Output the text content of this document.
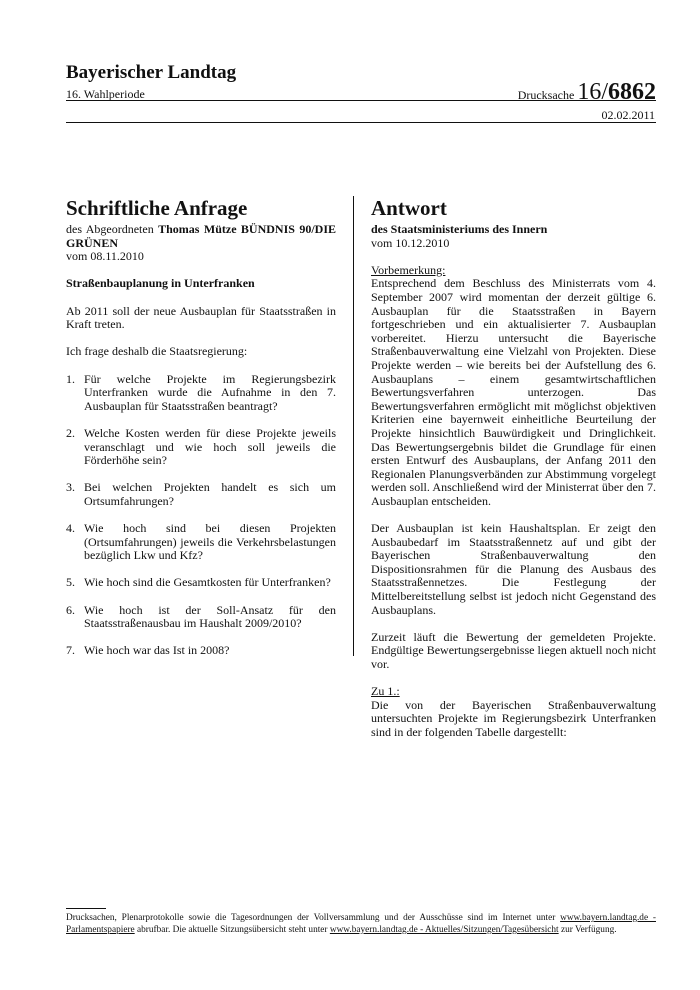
Bayerischer Landtag
16. Wahlperiode	Drucksache 16/6862
02.02.2011
Schriftliche Anfrage
des Abgeordneten Thomas Mütze BÜNDNIS 90/DIE GRÜNEN

vom 08.11.2010

Straßenbauplanung in Unterfranken

Ab 2011 soll der neue Ausbauplan für Staatsstraßen in Kraft treten.

Ich frage deshalb die Staatsregierung:

1. Für welche Projekte im Regierungsbezirk Unterfranken wurde die Aufnahme in den 7. Ausbauplan für Staatsstraßen beantragt?
2. Welche Kosten werden für diese Projekte jeweils veranschlagt und wie hoch soll jeweils die Förderhöhe sein?
3. Bei welchen Projekten handelt es sich um Ortsumfahrungen?
4. Wie hoch sind bei diesen Projekten (Ortsumfahrungen) jeweils die Verkehrsbelastungen bezüglich Lkw und Kfz?
5. Wie hoch sind die Gesamtkosten für Unterfranken?
6. Wie hoch ist der Soll-Ansatz für den Staatsstraßenausbau im Haushalt 2009/2010?
7. Wie hoch war das Ist in 2008?
Antwort

des Staatsministeriums des Innern

vom 10.12.2010

Vorbemerkung:

Entsprechend dem Beschluss des Ministerrats vom 4. September 2007 wird momentan der derzeit gültige 6. Ausbauplan für die Staatsstraßen in Bayern fortgeschrieben und ein aktualisierter 7. Ausbauplan vorbereitet. Hierzu untersucht die Bayerische Straßenbauverwaltung eine Vielzahl von Projekten. Diese Projekte werden – wie bereits bei der Aufstellung des 6. Ausbauplans – einem gesamtwirtschaftlichen Bewertungsverfahren unterzogen. Das Bewertungsverfahren ermöglicht mit möglichst objektiven Kriterien eine bayernweit einheitliche Beurteilung der Projekte hinsichtlich Bauwürdigkeit und Dringlichkeit. Das Bewertungsergebnis bildet die Grundlage für einen ersten Entwurf des Ausbauplans, der Anfang 2011 den Regionalen Planungsverbänden zur Abstimmung vorgelegt werden soll. Anschließend wird der Ministerrat über den 7. Ausbauplan entscheiden.

Der Ausbauplan ist kein Haushaltsplan. Er zeigt den Ausbaubedarf im Staatsstraßennetz auf und gibt der Bayerischen Straßenbauverwaltung den Dispositionsrahmen für die Planung des Ausbaus des Staatsstraßennetzes. Die Festlegung der Mittelbereitstellung selbst ist jedoch nicht Gegenstand des Ausbauplans.

Zurzeit läuft die Bewertung der gemeldeten Projekte. Endgültige Bewertungsergebnisse liegen aktuell noch nicht vor.

Zu 1.:

Die von der Bayerischen Straßenbauverwaltung untersuchten Projekte im Regierungsbezirk Unterfranken sind in der folgenden Tabelle dargestellt:

Drucksachen, Plenarprotokolle sowie die Tagesordnungen der Vollversammlung und der Ausschüsse sind im Internet unter www.bayern.landtag.de - Parlamentspapiere abrufbar. Die aktuelle Sitzungsübersicht steht unter www.bayern.landtag.de - Aktuelles/Sitzungen/Tagesübersicht zur Verfügung.
